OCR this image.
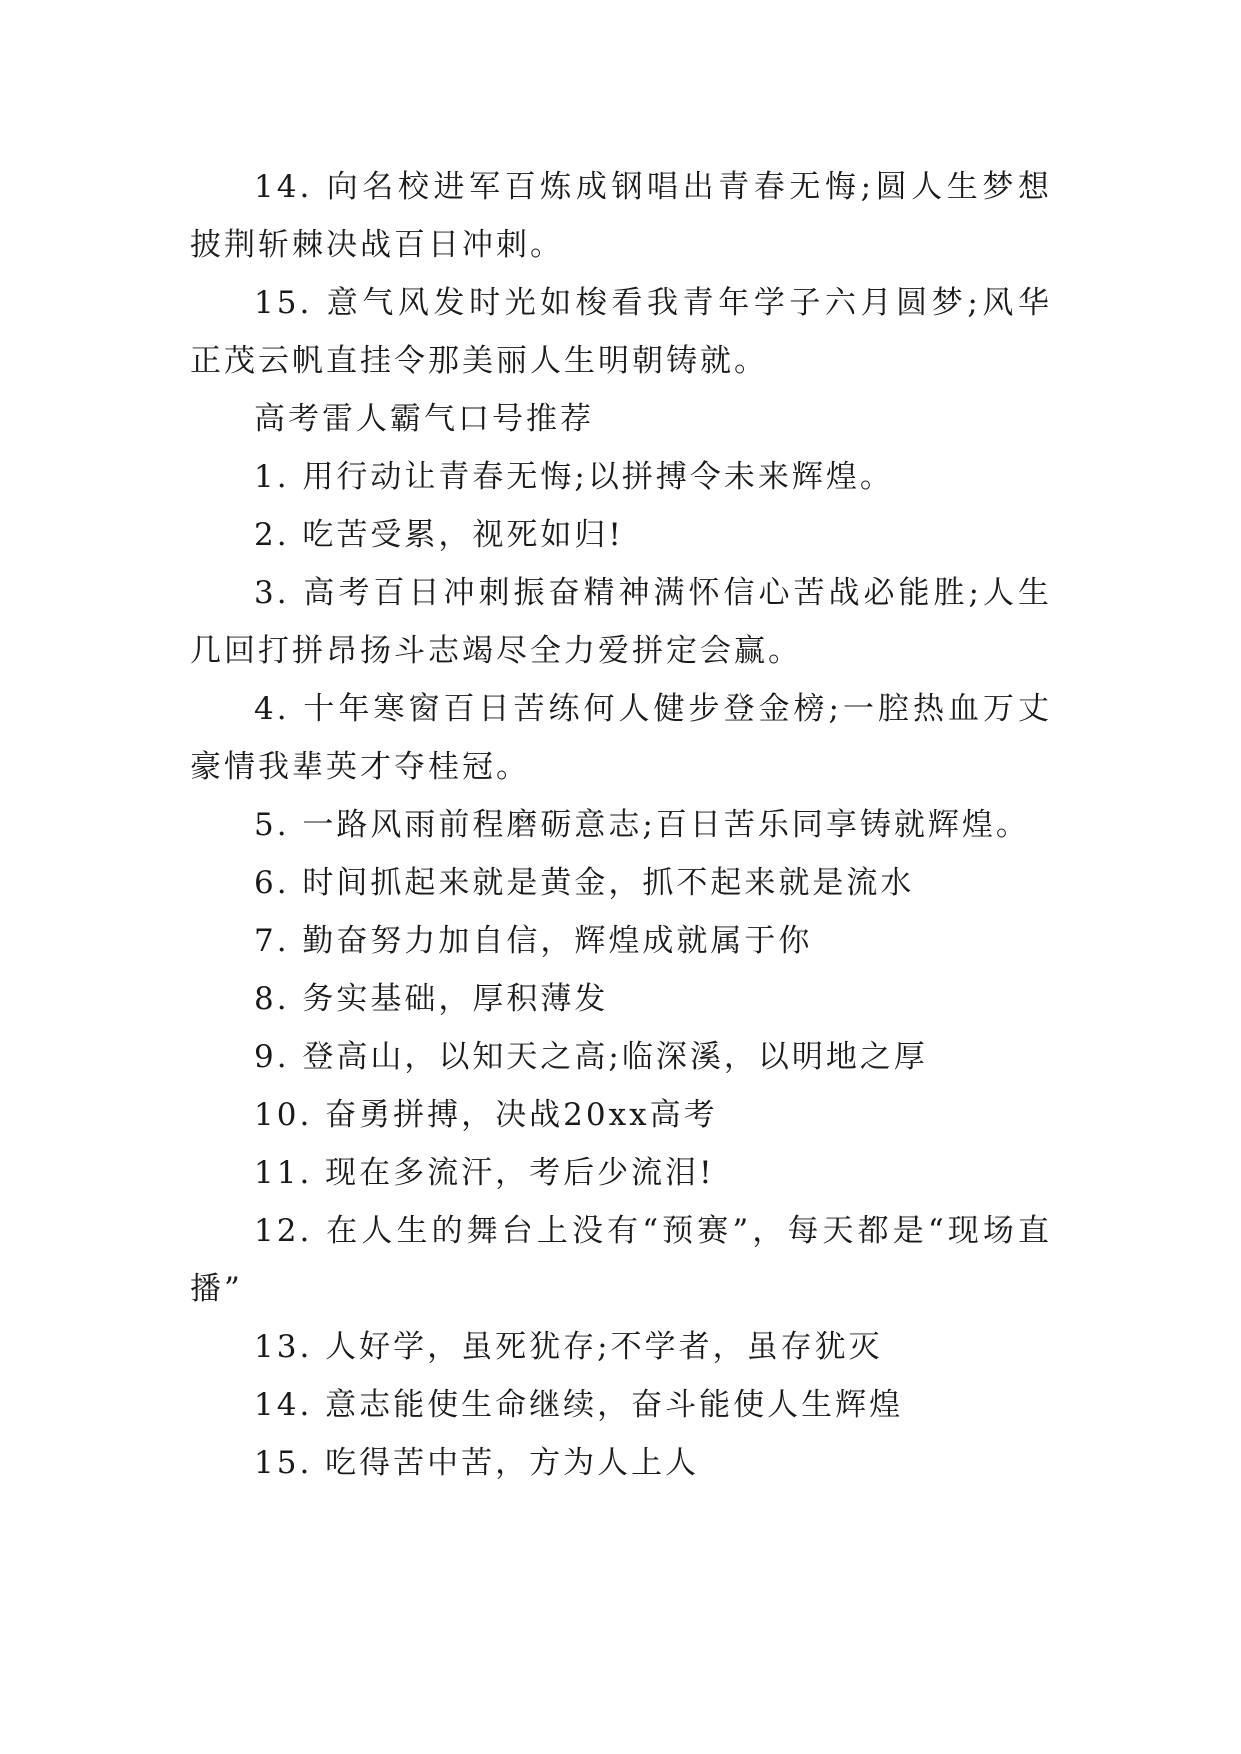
14. 向名校进军百炼成钢唱出青春无悔;圆人生梦想披荆斩棘决战百日冲刺。

15. 意气风发时光如梭看我青年学子六月圆梦;风华正茂云帆直挂令那美丽人生明朝铸就。

高考雷人霸气口号推荐

1. 用行动让青春无悔;以拼搏令未来辉煌。

2. 吃苦受累，视死如归!

3. 高考百日冲刺振奋精神满怀信心苦战必能胜;人生几回打拼昂扬斗志竭尽全力爱拼定会赢。

4. 十年寒窗百日苦练何人健步登金榜;一腔热血万丈豪情我辈英才夺桂冠。

5. 一路风雨前程磨砺意志;百日苦乐同享铸就辉煌。

6. 时间抓起来就是黄金，抓不起来就是流水

7. 勤奋努力加自信，辉煌成就属于你

8. 务实基础，厚积薄发

9. 登高山，以知天之高;临深溪，以明地之厚

10. 奋勇拼搏，决战20xx高考

11. 现在多流汗，考后少流泪!

12. 在人生的舞台上没有“预赛”，每天都是“现场直播”

13. 人好学，虽死犹存;不学者，虽存犹灭

14. 意志能使生命继续，奋斗能使人生辉煌

15. 吃得苦中苦，方为人上人
